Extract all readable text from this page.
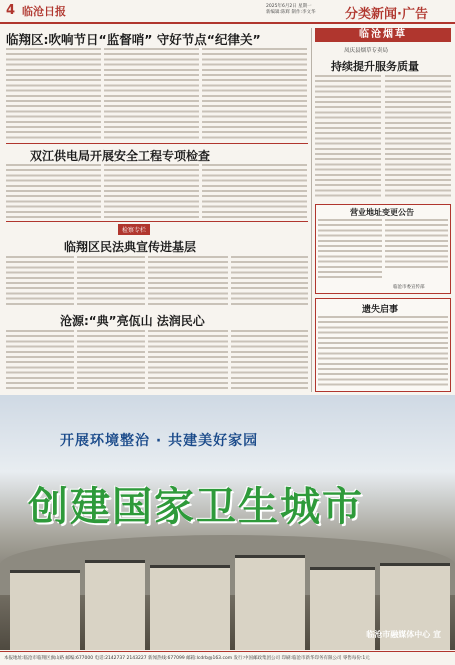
4 临沧日报	2025年6月2日 星期一
新编辑:陈辉 制作:李文华 分类新闻·广告
临翔区:吹响节日“监督哨” 守好节点“纪律关”
双江供电局开展安全工程专项检查
检察专栏
临翔区民法典宣传进基层
沧源:“典”亮佤山 法润民心
临沧烟草
凤庆县烟草专卖局
持续提升服务质量
营业地址变更公告
临沧市委宣传部
遗失启事
开展环境整治 · 共建美好家园
创建国家卫生城市
临沧市融媒体中心 宣
本报地址:临沧市临翔区旗山路 邮编:677000 电话:2142737 2143227 新闻热线:677099 邮箱:lcdrb@163.com 发行:中国邮政集团公司 印刷:临沧市新华印务有限公司 零售每份:1元
